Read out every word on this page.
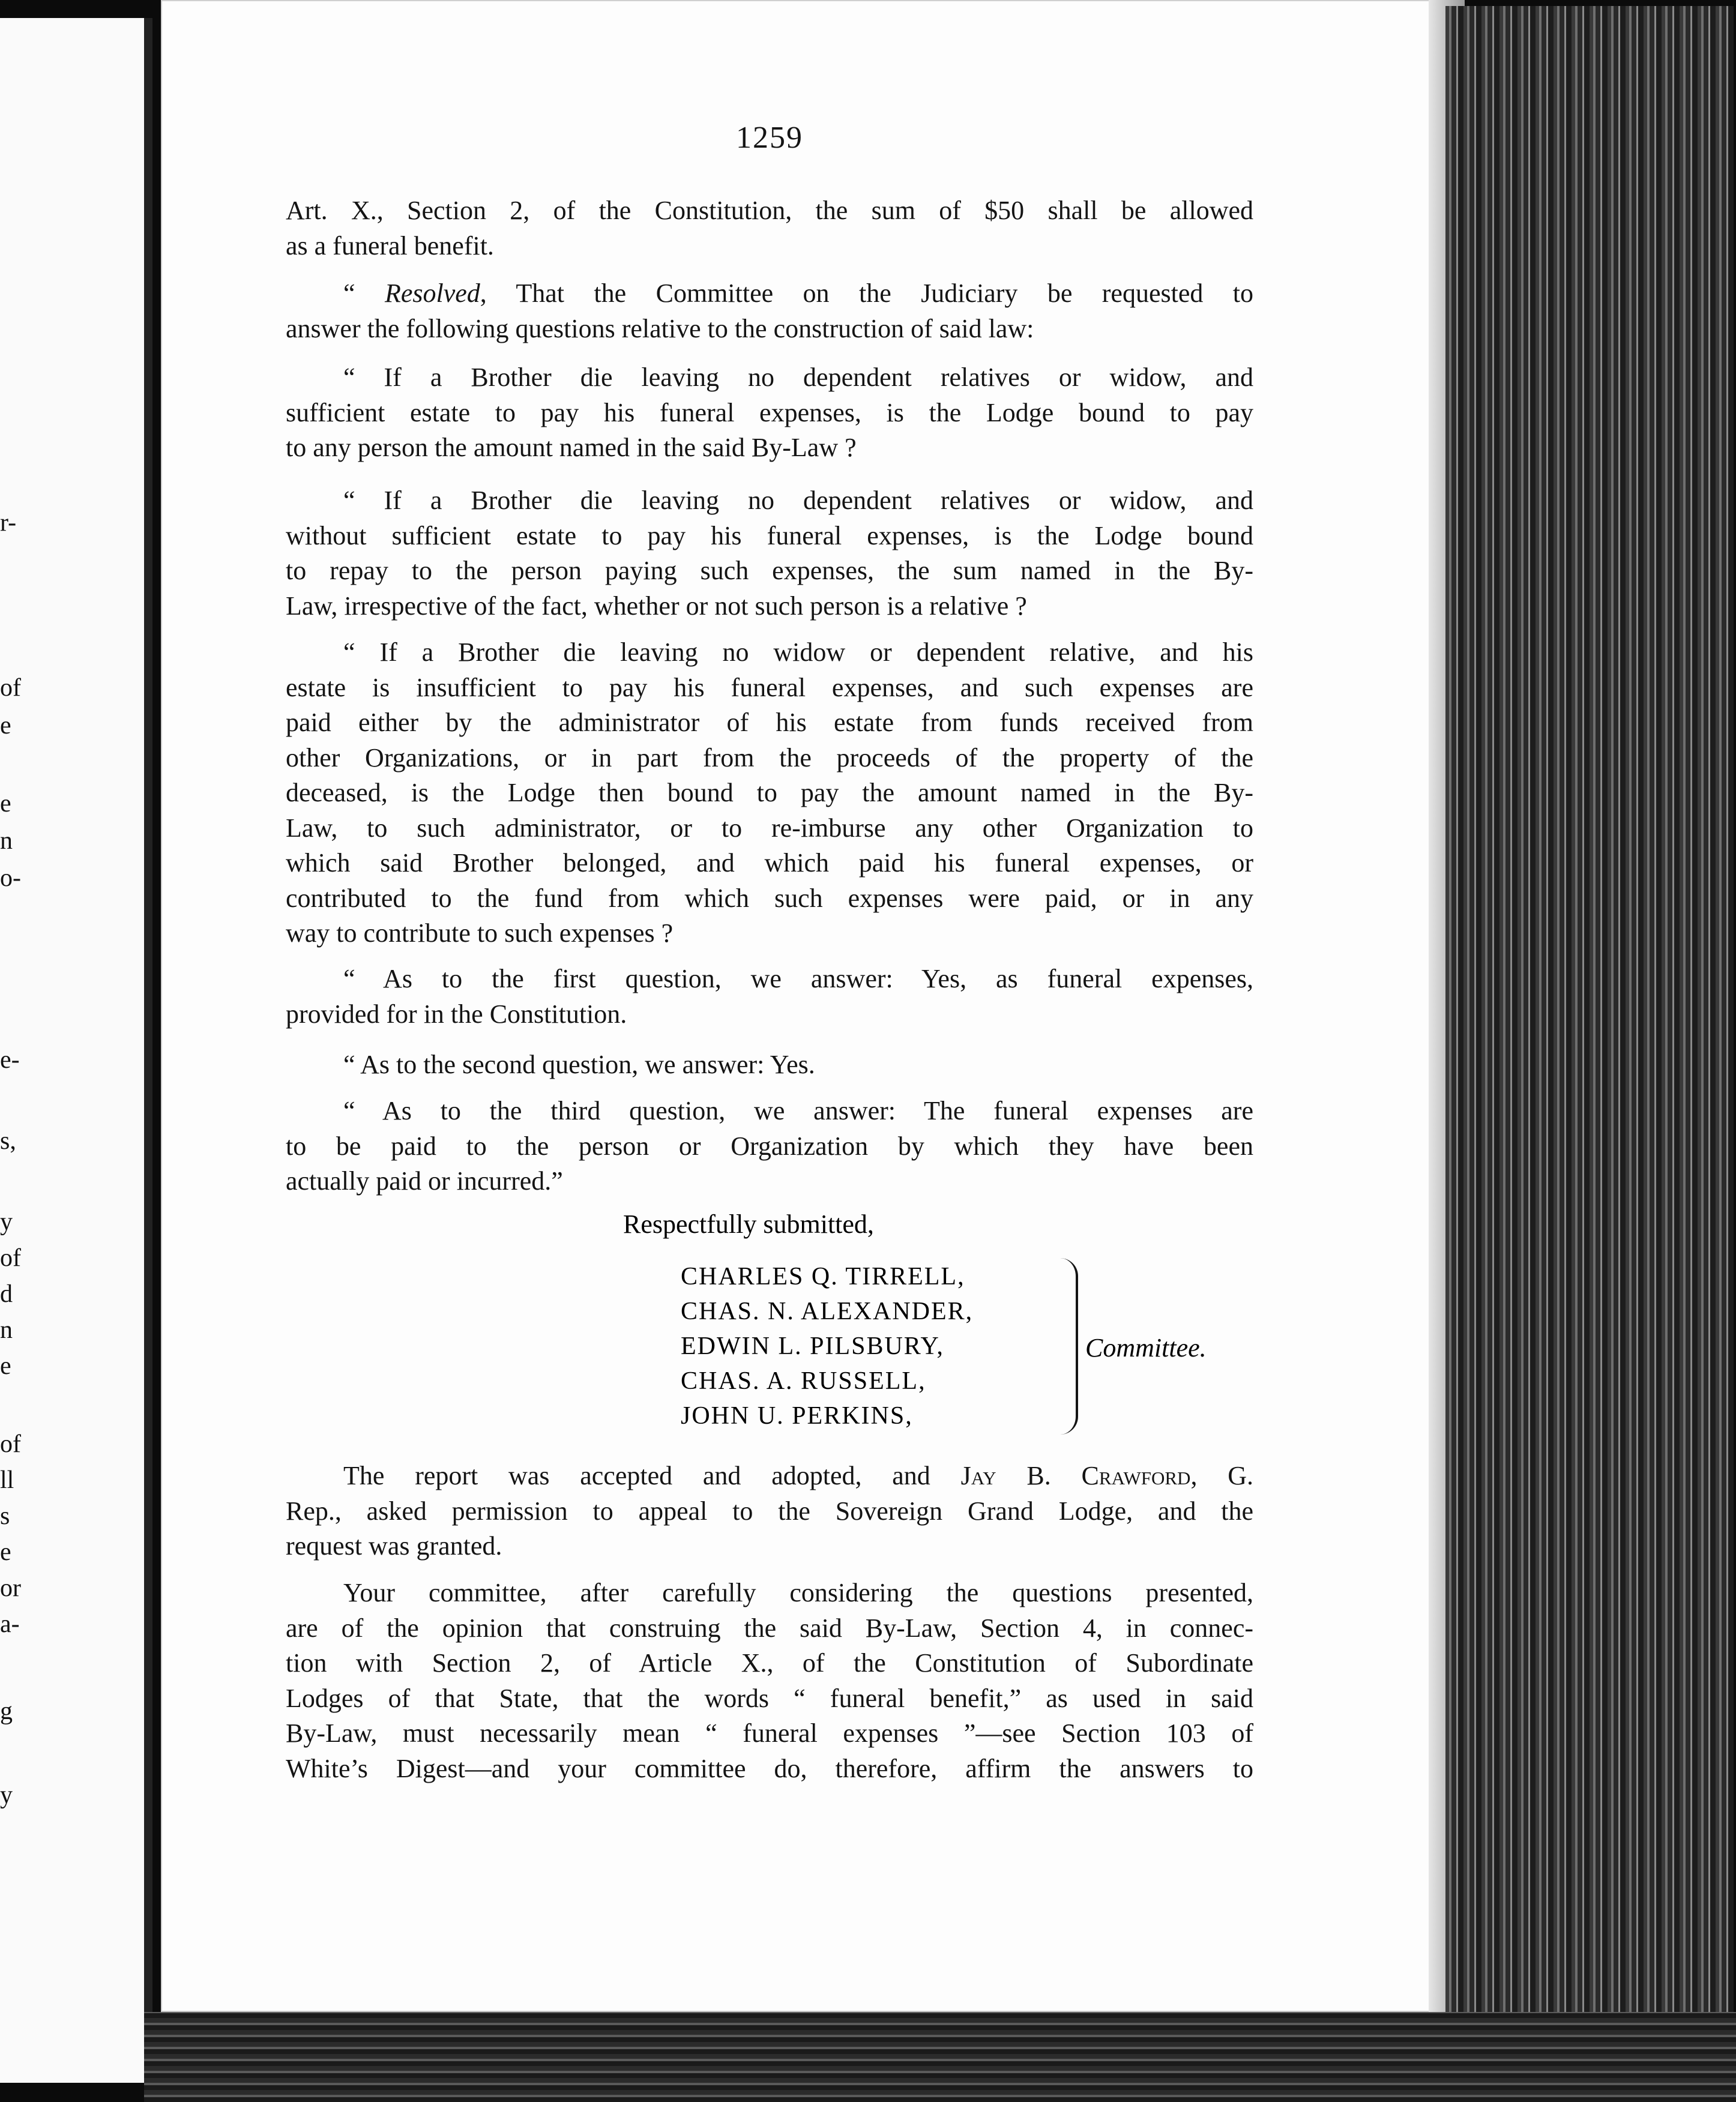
r-
of
e
e
n
o-
e-
s,
y
of
d
n
e
of
ll
s
e
or
a-
g
y
1259

Art. X., Section 2, of the Constitution, the sum of $50 shall be allowed
as a funeral benefit.

“ Resolved, That the Committee on the Judiciary be requested to
answer the following questions relative to the construction of said law:

“ If a Brother die leaving no dependent relatives or widow, and
sufficient estate to pay his funeral expenses, is the Lodge bound to pay
to any person the amount named in the said By-Law ?

“ If a Brother die leaving no dependent relatives or widow, and
without sufficient estate to pay his funeral expenses, is the Lodge bound
to repay to the person paying such expenses, the sum named in the By-
Law, irrespective of the fact, whether or not such person is a relative ?

“ If a Brother die leaving no widow or dependent relative, and his
estate is insufficient to pay his funeral expenses, and such expenses are
paid either by the administrator of his estate from funds received from
other Organizations, or in part from the proceeds of the property of the
deceased, is the Lodge then bound to pay the amount named in the By-
Law, to such administrator, or to re-imburse any other Organization to
which said Brother belonged, and which paid his funeral expenses, or
contributed to the fund from which such expenses were paid, or in any
way to contribute to such expenses ?

“ As to the first question, we answer: Yes, as funeral expenses,
provided for in the Constitution.

“ As to the second question, we answer: Yes.

“ As to the third question, we answer: The funeral expenses are
to be paid to the person or Organization by which they have been
actually paid or incurred.”

The report was accepted and adopted, and Jay B. Crawford, G.
Rep., asked permission to appeal to the Sovereign Grand Lodge, and the
request was granted.

Your committee, after carefully considering the questions presented,
are of the opinion that construing the said By-Law, Section 4, in connec-
tion with Section 2, of Article X., of the Constitution of Subordinate
Lodges of that State, that the words “ funeral benefit,” as used in said
By-Law, must necessarily mean “ funeral expenses ”—see Section 103 of
White’s Digest—and your committee do, therefore, affirm the answers to

Respectfully submitted,
CHARLES Q. TIRRELL,
CHAS. N. ALEXANDER,
EDWIN L. PILSBURY,
CHAS. A. RUSSELL,
JOHN U. PERKINS,
Committee.
